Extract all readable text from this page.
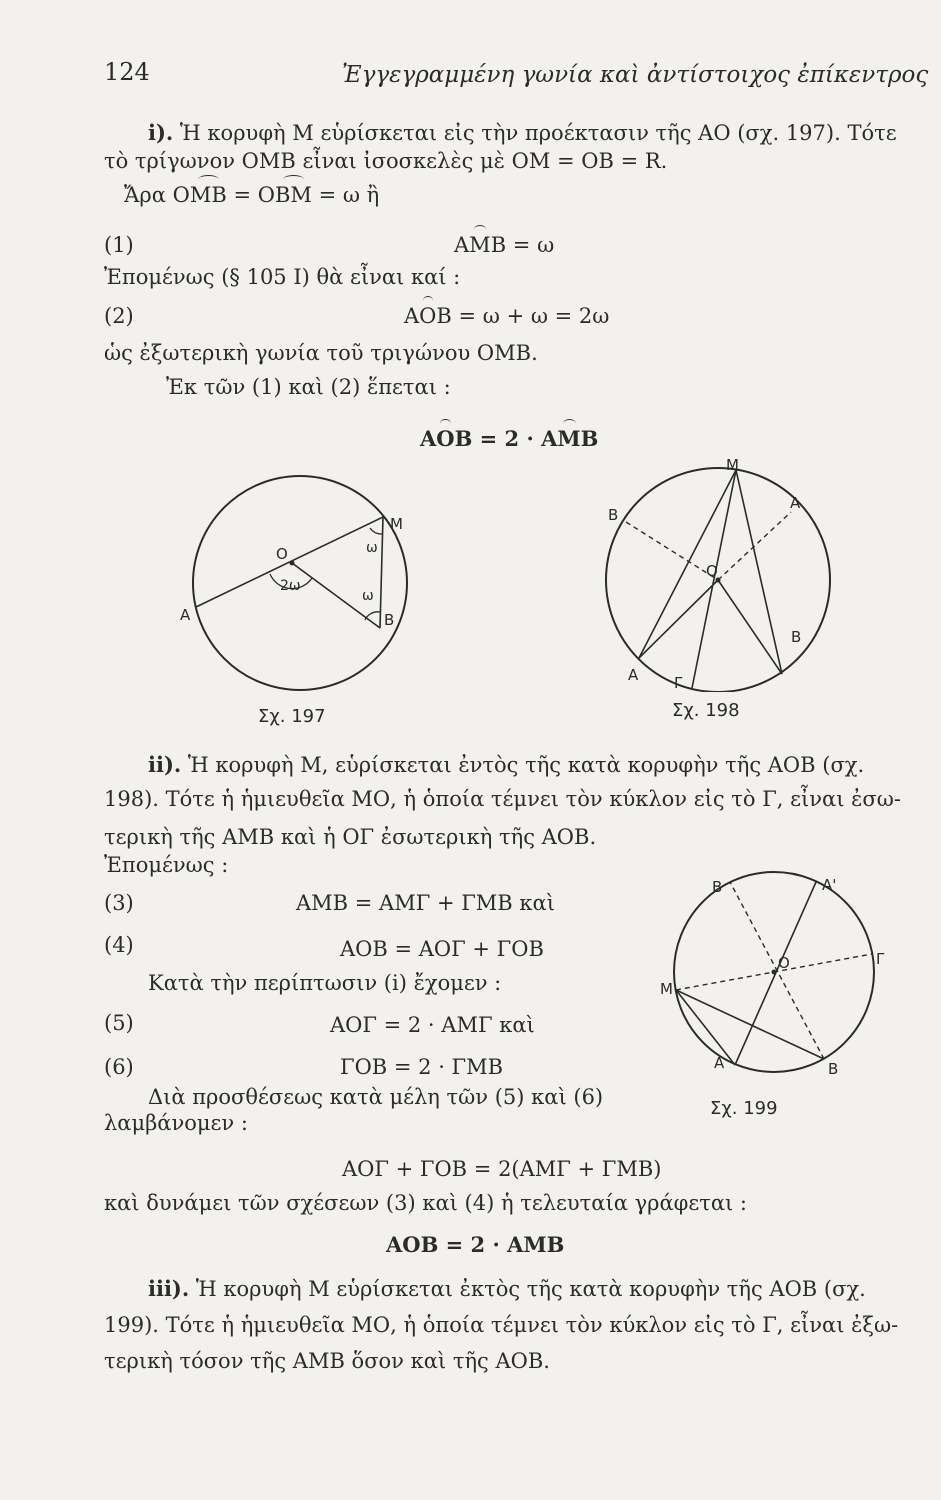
124	Ἐγγεγραμμένη γωνία καὶ ἀντίστοιχος ἐπίκεντρος
i). Ἡ κορυφὴ Μ εὑρίσκεται εἰς τὴν προέκτασιν τῆς ΑΟ (σχ. 197). Τότε
τὸ τρίγωνον ΟΜΒ εἶναι ἰσοσκελὲς μὲ ΟΜ = ΟΒ = R.
Ἄρα ΟΜΒ = ΟΒΜ = ω ἢ
(1)	ΑΜΒ = ω
Ἐπομένως (§ 105 Ι) θὰ εἶναι καί :
(2)	ΑΟΒ = ω + ω = 2ω
ὡς ἐξωτερικὴ γωνία τοῦ τριγώνου ΟΜΒ.
Ἐκ τῶν (1) καὶ (2) ἕπεται :
ΑΟΒ = 2 · ΑΜΒ
O
M
A	B
ω
ω
2ω
Σχ. 197
M
B
A
O
A
B
Γ
Σχ. 198
ii). Ἡ κορυφὴ Μ, εὑρίσκεται ἐντὸς τῆς κατὰ κορυφὴν τῆς ΑΟΒ (σχ.
198). Τότε ἡ ἡμιευθεῖα ΜΟ, ἡ ὁποία τέμνει τὸν κύκλον εἰς τὸ Γ, εἶναι ἐσω-
τερικὴ τῆς ΑΜΒ καὶ ἡ ΟΓ ἐσωτερικὴ τῆς ΑΟΒ.
Ἐπομένως :
(3)	ΑΜΒ = ΑΜΓ + ΓΜΒ καὶ
(4)	ΑΟΒ = ΑΟΓ + ΓΟΒ
Κατὰ τὴν περίπτωσιν (i) ἔχομεν :
(5)	ΑΟΓ = 2 · ΑΜΓ καὶ
(6)	ΓΟΒ = 2 · ΓΜΒ
Διὰ προσθέσεως κατὰ μέλη τῶν (5) καὶ (6)
λαμβάνομεν :
ΑΟΓ + ΓΟΒ = 2(ΑΜΓ + ΓΜΒ)
καὶ δυνάμει τῶν σχέσεων (3) καὶ (4) ἡ τελευταία γράφεται :
ΑΟΒ = 2 · ΑΜΒ
B	A'
O	Γ
M
A	B
Σχ. 199
iii). Ἡ κορυφὴ Μ εὑρίσκεται ἐκτὸς τῆς κατὰ κορυφὴν τῆς ΑΟΒ (σχ.
199). Τότε ἡ ἡμιευθεῖα ΜΟ, ἡ ὁποία τέμνει τὸν κύκλον εἰς τὸ Γ, εἶναι ἐξω-
τερικὴ τόσον τῆς ΑΜΒ ὅσον καὶ τῆς ΑΟΒ.
